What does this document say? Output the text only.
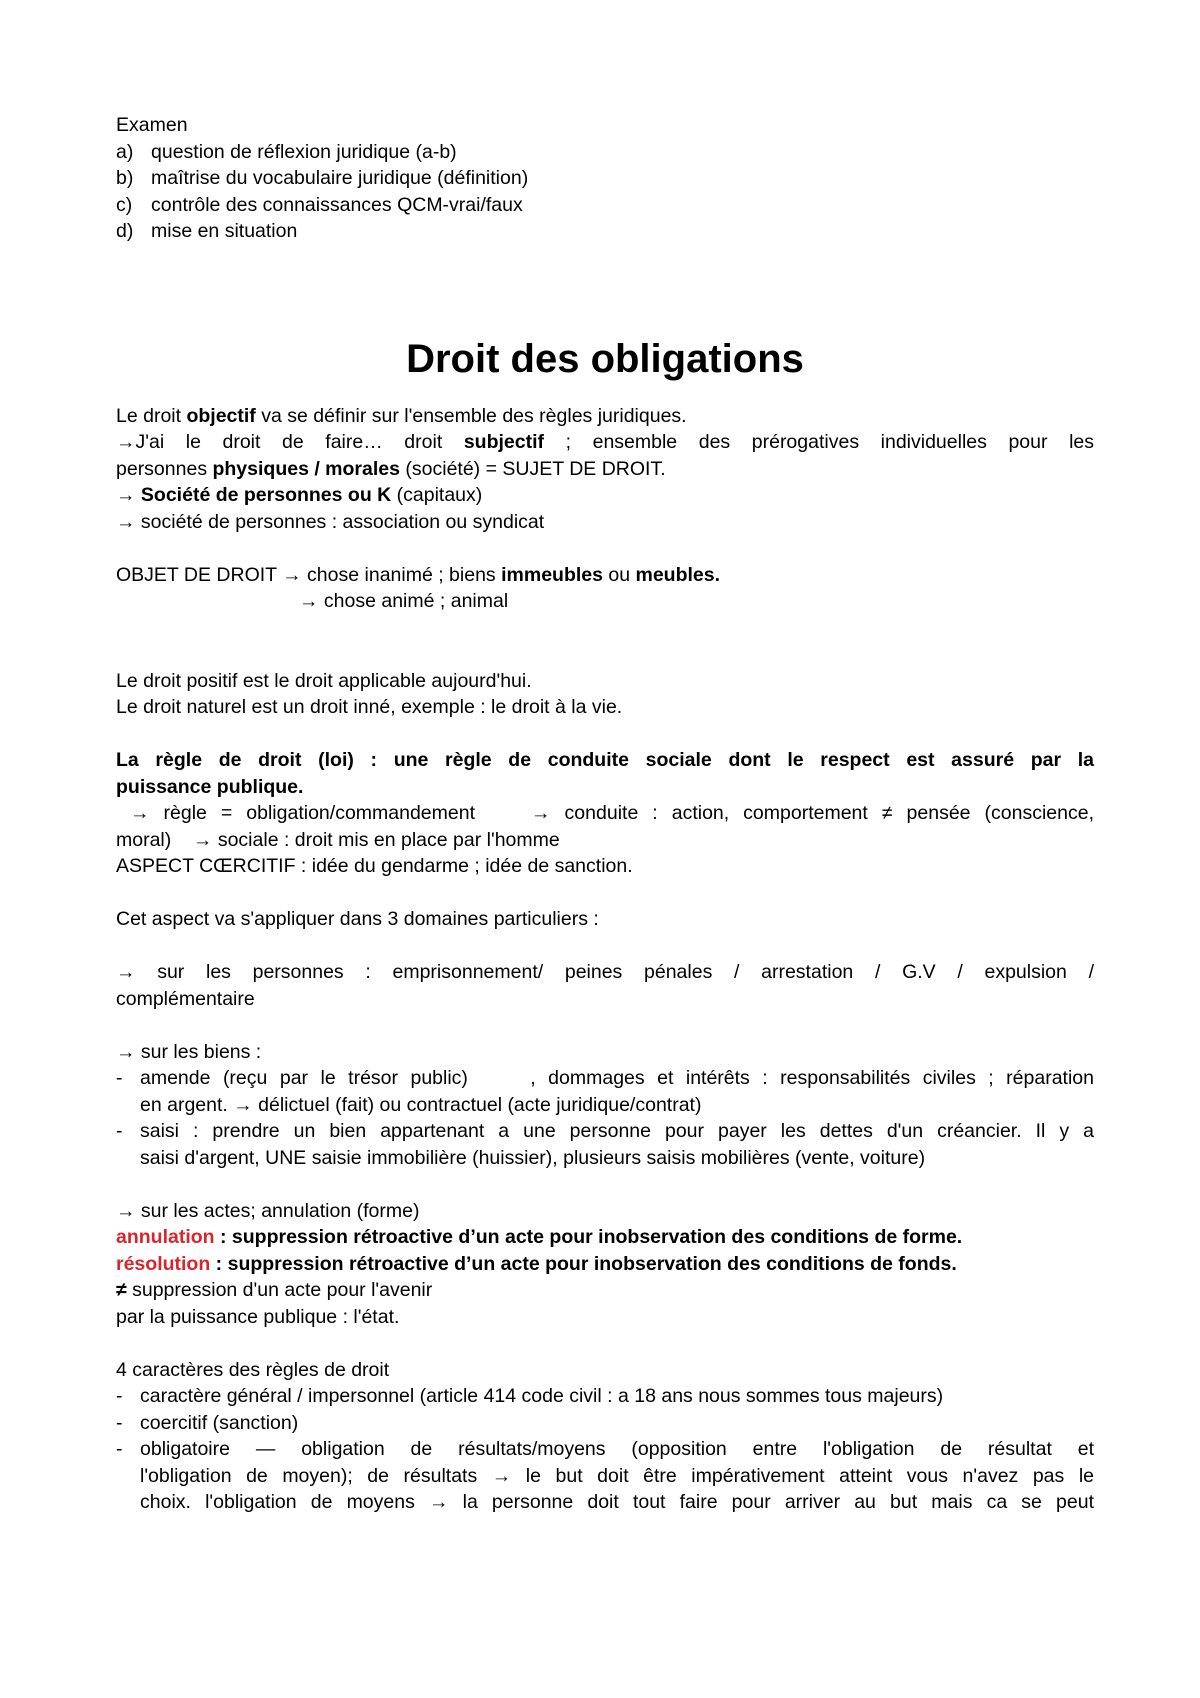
Examen
a) question de réflexion juridique (a-b)
b) maîtrise du vocabulaire juridique (définition)
c) contrôle des connaissances QCM-vrai/faux
d) mise en situation
Droit des obligations
Le droit objectif va se définir sur l'ensemble des règles juridiques.
→J'ai le droit de faire… droit subjectif ; ensemble des prérogatives individuelles pour les
personnes physiques / morales (société) = SUJET DE DROIT.
→ Société de personnes ou K (capitaux)
→ société de personnes : association ou syndicat
OBJET DE DROIT → chose inanimé ; biens immeubles ou meubles.
→ chose animé ; animal
Le droit positif est le droit applicable aujourd'hui.
Le droit naturel est un droit inné, exemple : le droit à la vie.
La règle de droit (loi) : une règle de conduite sociale dont le respect est assuré par la
puissance publique.
→ règle = obligation/commandement    → conduite : action, comportement ≠ pensée (conscience,
moral)    → sociale : droit mis en place par l'homme
ASPECT CŒRCITIF : idée du gendarme ; idée de sanction.
Cet aspect va s'appliquer dans 3 domaines particuliers :
→ sur les personnes : emprisonnement/ peines pénales / arrestation / G.V / expulsion /
complémentaire
→ sur les biens :
- amende (reçu par le trésor public)     , dommages et intérêts : responsabilités civiles ; réparation
en argent. → délictuel (fait) ou contractuel (acte juridique/contrat)
- saisi : prendre un bien appartenant a une personne pour payer les dettes d'un créancier. Il y a
saisi d'argent, UNE saisie immobilière (huissier), plusieurs saisis mobilières (vente, voiture)
→ sur les actes; annulation (forme)
annulation : suppression rétroactive d’un acte pour inobservation des conditions de forme.
résolution : suppression rétroactive d’un acte pour inobservation des conditions de fonds.
≠ suppression d'un acte pour l'avenir
par la puissance publique : l'état.
4 caractères des règles de droit
- caractère général / impersonnel (article 414 code civil : a 18 ans nous sommes tous majeurs)
- coercitif (sanction)
- obligatoire — obligation de résultats/moyens (opposition entre l'obligation de résultat et
l'obligation de moyen); de résultats → le but doit être impérativement atteint vous n'avez pas le
choix. l'obligation de moyens → la personne doit tout faire pour arriver au but mais ca se peut
